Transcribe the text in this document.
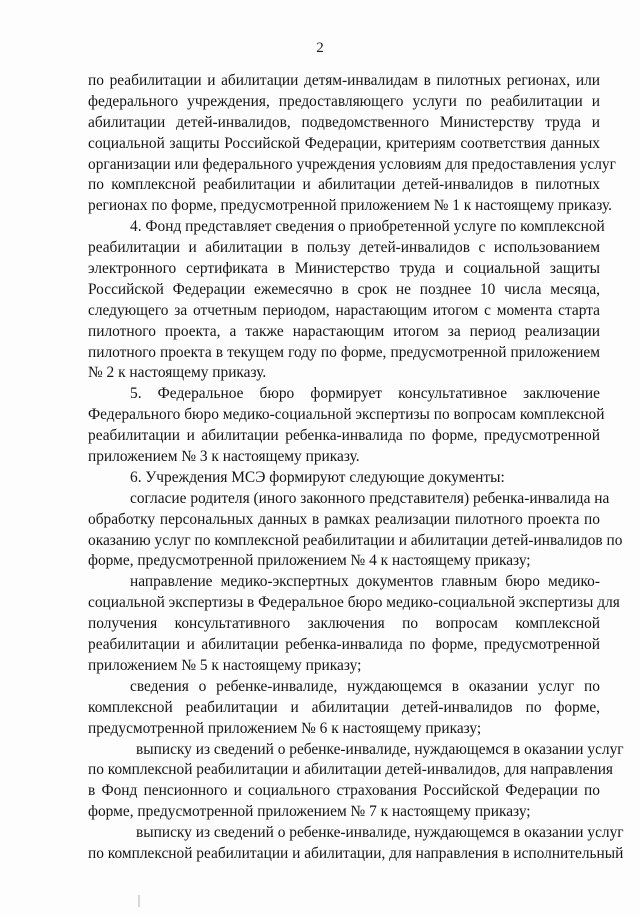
2
по реабилитации и абилитации детям-инвалидам в пилотных регионах, или
федерального учреждения, предоставляющего услуги по реабилитации и
абилитации детей-инвалидов, подведомственного Министерству труда и
социальной защиты Российской Федерации, критериям соответствия данных
организации или федерального учреждения условиям для предоставления услуг
по комплексной реабилитации и абилитации детей-инвалидов в пилотных
регионах по форме, предусмотренной приложением № 1 к настоящему приказу.
4. Фонд представляет сведения о приобретенной услуге по комплексной
реабилитации и абилитации в пользу детей-инвалидов с использованием
электронного сертификата в Министерство труда и социальной защиты
Российской Федерации ежемесячно в срок не позднее 10 числа месяца,
следующего за отчетным периодом, нарастающим итогом с момента старта
пилотного проекта, а также нарастающим итогом за период реализации
пилотного проекта в текущем году по форме, предусмотренной приложением
№ 2 к настоящему приказу.
5. Федеральное бюро формирует консультативное заключение
Федерального бюро медико-социальной экспертизы по вопросам комплексной
реабилитации и абилитации ребенка-инвалида по форме, предусмотренной
приложением № 3 к настоящему приказу.
6. Учреждения МСЭ формируют следующие документы:
согласие родителя (иного законного представителя) ребенка-инвалида на
обработку персональных данных в рамках реализации пилотного проекта по
оказанию услуг по комплексной реабилитации и абилитации детей-инвалидов по
форме, предусмотренной приложением № 4 к настоящему приказу;
направление медико-экспертных документов главным бюро медико-
социальной экспертизы в Федеральное бюро медико-социальной экспертизы для
получения консультативного заключения по вопросам комплексной
реабилитации и абилитации ребенка-инвалида по форме, предусмотренной
приложением № 5 к настоящему приказу;
сведения о ребенке-инвалиде, нуждающемся в оказании услуг по
комплексной реабилитации и абилитации детей-инвалидов по форме,
предусмотренной приложением № 6 к настоящему приказу;
выписку из сведений о ребенке-инвалиде, нуждающемся в оказании услуг
по комплексной реабилитации и абилитации детей-инвалидов, для направления
в Фонд пенсионного и социального страхования Российской Федерации по
форме, предусмотренной приложением № 7 к настоящему приказу;
выписку из сведений о ребенке-инвалиде, нуждающемся в оказании услуг
по комплексной реабилитации и абилитации, для направления в исполнительный
